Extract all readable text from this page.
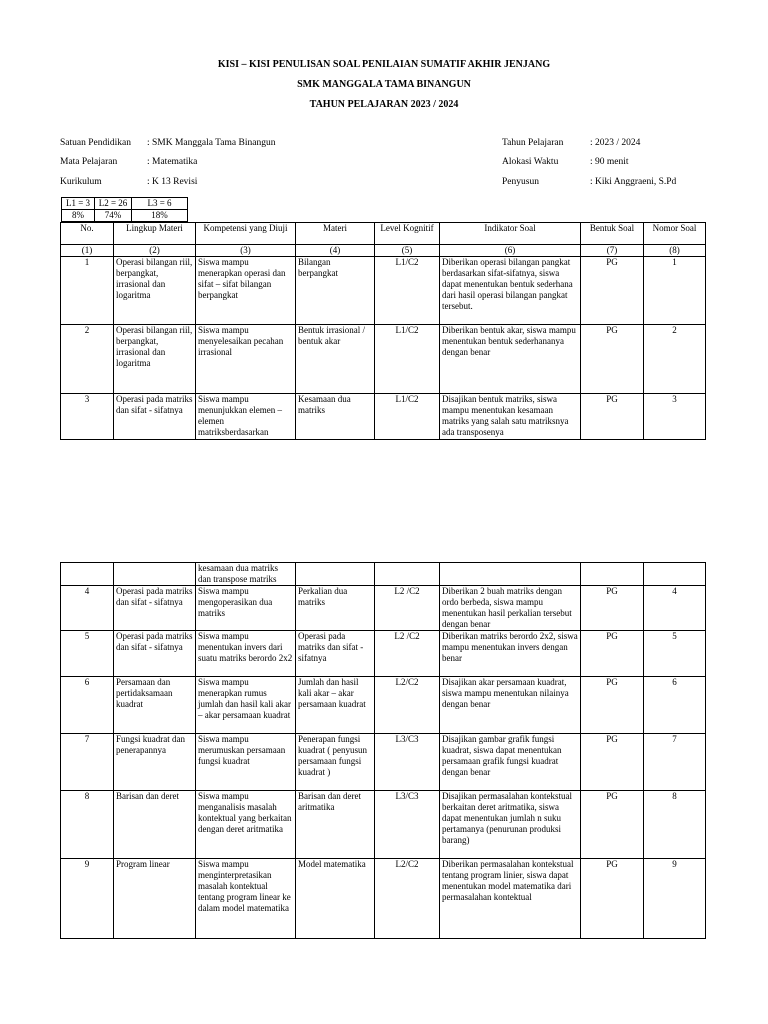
KISI – KISI PENULISAN SOAL PENILAIAN SUMATIF AKHIR JENJANG
SMK MANGGALA TAMA BINANGUN
TAHUN PELAJARAN 2023 / 2024
Satuan Pendidikan : SMK Manggala Tama Binangun
Mata Pelajaran	: Matematika
Kurikulum	: K 13 Revisi
Tahun Pelajaran	: 2023 / 2024
Alokasi Waktu	: 90 menit
Penyusun	: Kiki Anggraeni, S.Pd
L1 = 3	L2 = 26	L3 = 6
8%	74%	18%
No.	Lingkup Materi	Kompetensi yang Diuji	Materi	Level Kognitif	Indikator Soal	Bentuk Soal	Nomor Soal
(1)	(2)	(3)	(4)	(5)	(6)	(7)	(8)
1	Operasi bilangan riil, berpangkat, irrasional dan logaritma	Siswa mampu menerapkan operasi dan sifat – sifat bilangan berpangkat	Bilangan berpangkat	L1/C2	Diberikan operasi bilangan pangkat berdasarkan sifat-sifatnya, siswa dapat menentukan bentuk sederhana dari hasil operasi bilangan pangkat tersebut.	PG	1
2	Operasi bilangan riil, berpangkat, irrasional dan logaritma	Siswa mampu menyelesaikan pecahan irrasional	Bentuk irrasional / bentuk akar	L1/C2	Diberikan bentuk akar, siswa mampu menentukan bentuk sederhananya dengan benar	PG	2
3	Operasi pada matriks dan sifat - sifatnya	Siswa mampu menunjukkan elemen – elemen matriksberdasarkan	Kesamaan dua matriks	L1/C2	Disajikan bentuk matriks, siswa mampu menentukan kesamaan matriks yang salah satu matriksnya ada transposenya	PG	3
		kesamaan dua matriks dan transpose matriks					
4	Operasi pada matriks dan sifat - sifatnya	Siswa mampu mengoperasikan dua matriks	Perkalian dua matriks	L2 /C2	Diberikan 2 buah matriks dengan ordo berbeda, siswa mampu menentukan hasil perkalian tersebut dengan benar	PG	4
5	Operasi pada matriks dan sifat - sifatnya	Siswa mampu menentukan invers dari suatu matriks berordo 2x2	Operasi pada matriks dan sifat - sifatnya	L2 /C2	Diberikan matriks berordo 2x2, siswa mampu menentukan invers dengan benar	PG	5
6	Persamaan dan pertidaksamaan kuadrat	Siswa mampu menerapkan rumus jumlah dan hasil kali akar – akar persamaan kuadrat	Jumlah dan hasil kali akar – akar persamaan kuadrat	L2/C2	Disajikan akar persamaan kuadrat, siswa mampu menentukan nilainya dengan benar	PG	6
7	Fungsi kuadrat dan penerapannya	Siswa mampu merumuskan persamaan fungsi kuadrat	Penerapan fungsi kuadrat ( penyusun persamaan fungsi kuadrat )	L3/C3	Disajikan gambar grafik fungsi kuadrat, siswa dapat menentukan persamaan grafik fungsi kuadrat dengan benar	PG	7
8	Barisan dan deret	Siswa mampu menganalisis masalah kontektual yang berkaitan dengan deret aritmatika	Barisan dan deret aritmatika	L3/C3	Disajikan permasalahan kontekstual berkaitan deret aritmatika, siswa dapat menentukan jumlah n suku pertamanya (penurunan produksi barang)	PG	8
9	Program linear	Siswa mampu menginterpretasikan masalah kontektual tentang program linear ke dalam model matematika	Model matematika	L2/C2	Diberikan permasalahan kontekstual tentang program linier, siswa dapat menentukan model matematika dari permasalahan kontektual	PG	9
